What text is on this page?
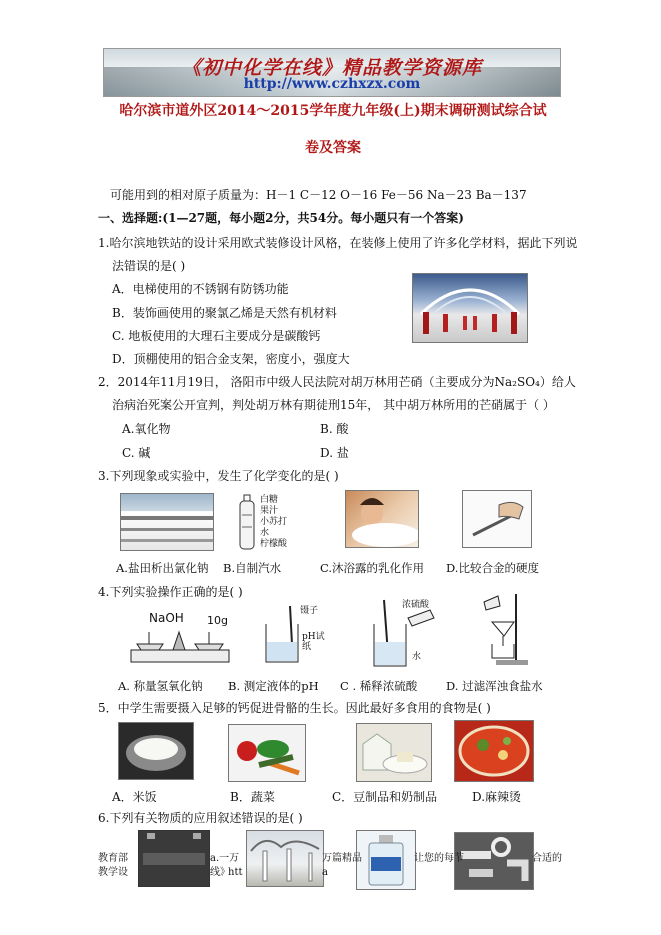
《初中化学在线》精品教学资源库
http://www.czhxzx.com
哈尔滨市道外区2014～2015学年度九年级(上)期末调研测试综合试
卷及答案
可能用到的相对原子质量为：H－1 C－12 O－16 Fe－56 Na－23 Ba－137
一、选择题:(1—27题，每小题2分，共54分。每小题只有一个答案)
1.哈尔滨地铁站的设计采用欧式装修设计风格，在装修上使用了许多化学材料，据此下列说
法错误的是( )
A．电梯使用的不锈钢有防锈功能
B．装饰画使用的聚氯乙烯是天然有机材料
C. 地板使用的大理石主要成分是碳酸钙
D．顶棚使用的铝合金支架，密度小，强度大
2．2014年11月19日， 洛阳市中级人民法院对胡万林用芒硝（主要成分为Na₂SO₄）给人
治病治死案公开宣判，判处胡万林有期徒刑15年， 其中胡万林所用的芒硝属于（ ）
A.氧化物	B. 酸
C. 碱	D. 盐
3.下列现象或实验中，发生了化学变化的是( )
白糖
果汁
小苏打
水
柠檬酸
A.盐田析出氯化钠 B.自制汽水	C.沐浴露的乳化作用 D.比较合金的硬度
4.下列实验操作正确的是( )
NaOH 10g
镊子
pH试纸
浓硫酸
水
A. 称量氢氧化钠 B. 测定液体的pH C . 稀释浓硫酸 D. 过滤浑浊食盐水
5．中学生需要摄入足够的钙促进骨骼的生长。因此最好多食用的食物是( )
A．米饭	B．蔬菜	C．豆制品和奶制品	D.麻辣烫
6.下列有关物质的应用叙述错误的是( )
教育部	a.一万	万篇精品	让您的每节	合适的
教学设	线》
htt	a
